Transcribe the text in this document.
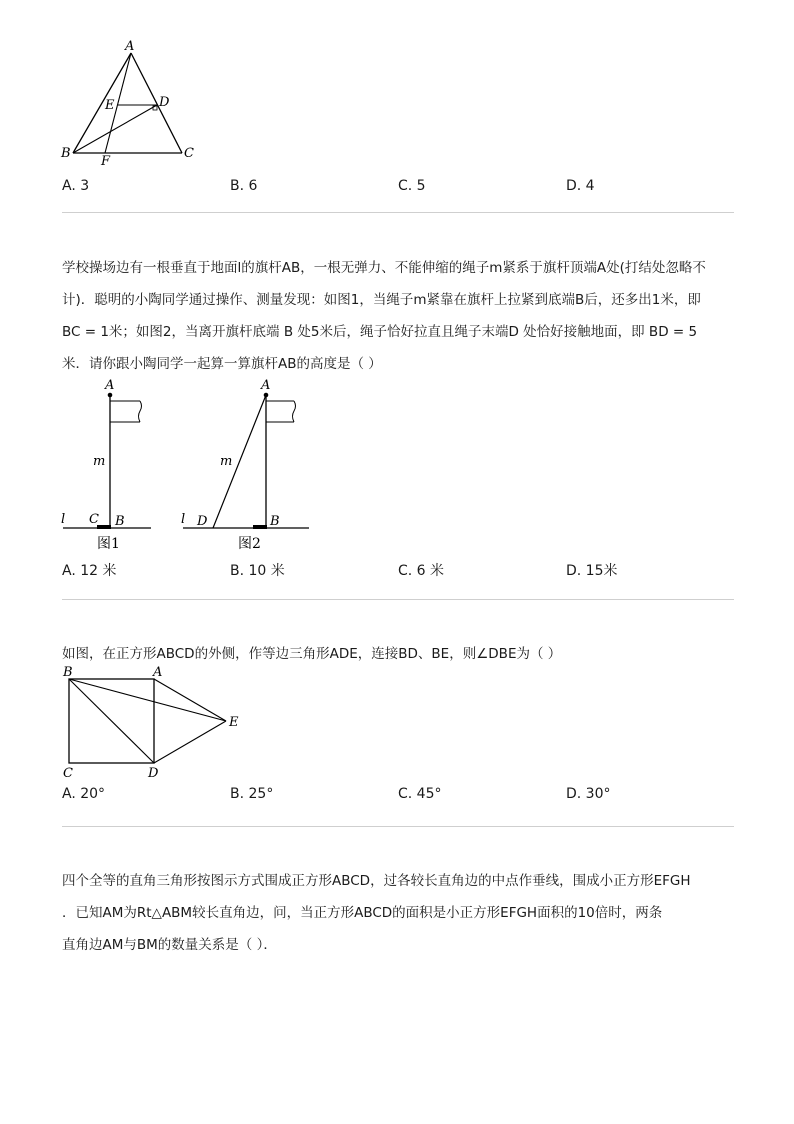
A
E	D
B
F
C
A. 3	B. 6	C. 5	D. 4
学校操场边有一根垂直于地面l的旗杆AB，一根无弹力、不能伸缩的绳子m紧系于旗杆顶端A处(打结处忽略不
计)．聪明的小陶同学通过操作、测量发现：如图1，当绳子m紧靠在旗杆上拉紧到底端B后，还多出1米，即
BC = 1米；如图2，当离开旗杆底端 B 处5米后，绳子恰好拉直且绳子末端D 处恰好接触地面，即 BD = 5
米．请你跟小陶同学一起算一算旗杆AB的高度是（ ）
A
m
l C B
图1
A
m
l D	B
图2
A. 12 米	B. 10 米	C. 6 米	D. 15米
如图，在正方形ABCD的外侧，作等边三角形ADE，连接BD、BE，则∠DBE为（ ）
B	A
E
C	D
A. 20°	B. 25°	C. 45°	D. 30°
四个全等的直角三角形按图示方式围成正方形ABCD，过各较长直角边的中点作垂线，围成小正方形EFGH
．已知AM为Rt△ABM较长直角边，问，当正方形ABCD的面积是小正方形EFGH面积的10倍时，两条
直角边AM与BM的数量关系是（ ）．
